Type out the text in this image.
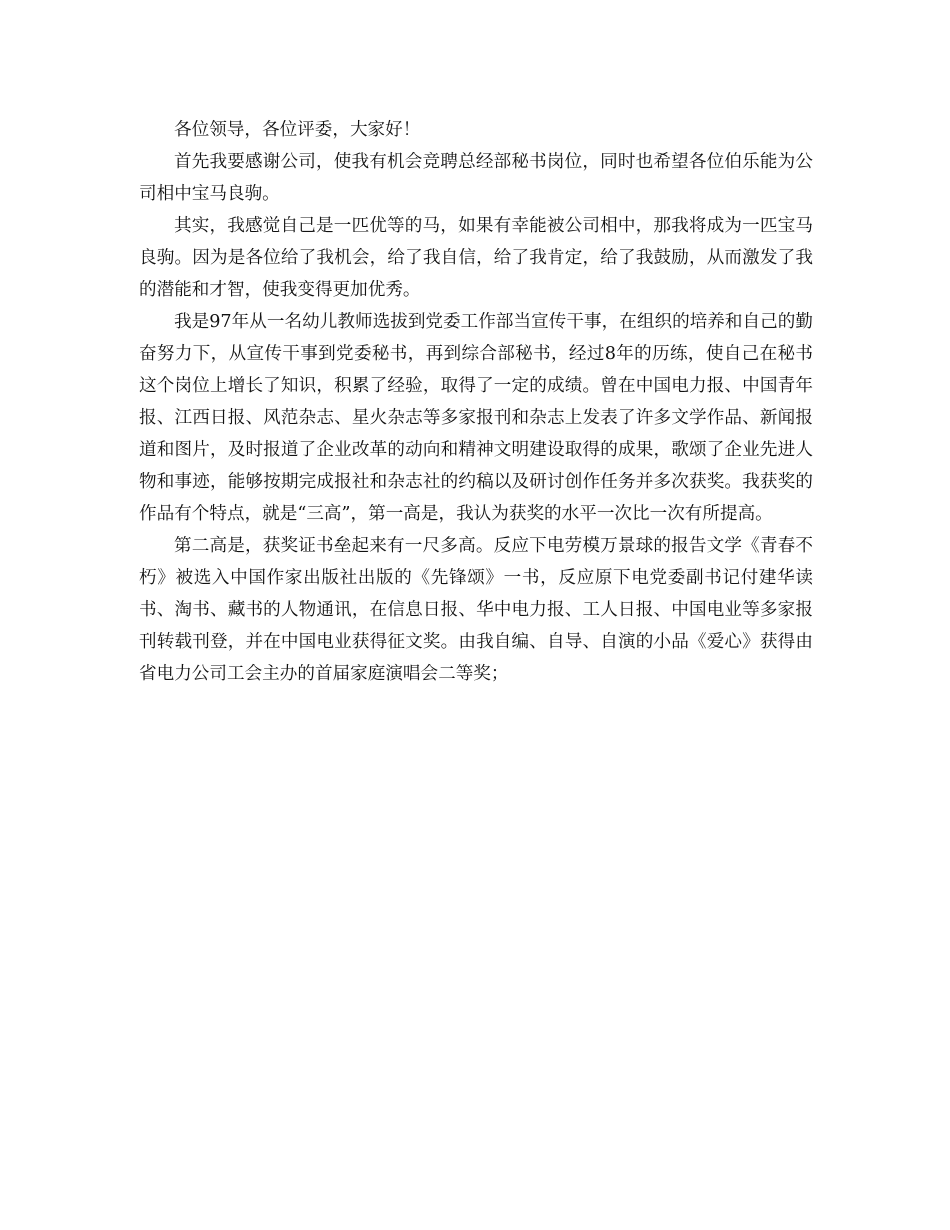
各位领导，各位评委，大家好！

首先我要感谢公司，使我有机会竞聘总经部秘书岗位，同时也希望各位伯乐能为公司相中宝马良驹。

其实，我感觉自己是一匹优等的马，如果有幸能被公司相中，那我将成为一匹宝马良驹。因为是各位给了我机会，给了我自信，给了我肯定，给了我鼓励，从而激发了我的潜能和才智，使我变得更加优秀。

我是97年从一名幼儿教师选拔到党委工作部当宣传干事，在组织的培养和自己的勤奋努力下，从宣传干事到党委秘书，再到综合部秘书，经过8年的历练，使自己在秘书这个岗位上增长了知识，积累了经验，取得了一定的成绩。曾在中国电力报、中国青年报、江西日报、风范杂志、星火杂志等多家报刊和杂志上发表了许多文学作品、新闻报道和图片，及时报道了企业改革的动向和精神文明建设取得的成果，歌颂了企业先进人物和事迹，能够按期完成报社和杂志社的约稿以及研讨创作任务并多次获奖。我获奖的作品有个特点，就是“三高”，第一高是，我认为获奖的水平一次比一次有所提高。

第二高是，获奖证书垒起来有一尺多高。反应下电劳模万景球的报告文学《青春不朽》被选入中国作家出版社出版的《先锋颂》一书，反应原下电党委副书记付建华读书、淘书、藏书的人物通讯，在信息日报、华中电力报、工人日报、中国电业等多家报刊转载刊登，并在中国电业获得征文奖。由我自编、自导、自演的小品《爱心》获得由省电力公司工会主办的首届家庭演唱会二等奖；
